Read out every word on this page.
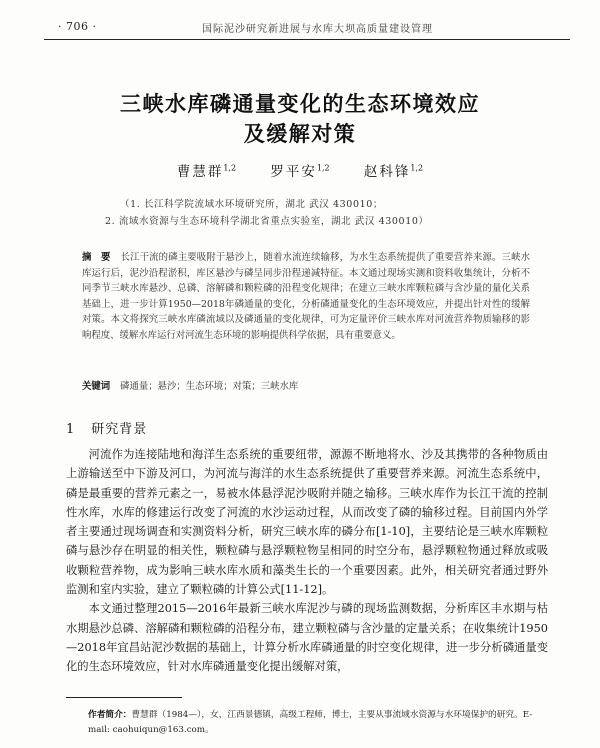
· 706 ·	国际泥沙研究新进展与水库大坝高质量建设管理
三峡水库磷通量变化的生态环境效应
及缓解对策
曹慧群$^{1,2}$	罗平安$^{1,2}$	赵科锋$^{1,2}$
（1. 长江科学院流域水环境研究所，湖北 武汉 430010；
2. 流域水资源与生态环境科学湖北省重点实验室，湖北 武汉 430010）
摘　要 长江干流的磷主要吸附于悬沙上，随着水流连续输移，为水生态系统提供了重要营养来源。三峡水库运行后，泥沙沿程淤积，库区悬沙与磷呈同步沿程递减特征。本文通过现场实测和资料收集统计，分析不同季节三峡水库悬沙、总磷、溶解磷和颗粒磷的沿程变化规律；在建立三峡水库颗粒磷与含沙量的量化关系基础上，进一步计算1950—2018年磷通量的变化，分析磷通量变化的生态环境效应，并提出针对性的缓解对策。本文将探究三峡水库磷流域以及磷通量的变化规律，可为定量评价三峡水库对河流营养物质输移的影响程度、缓解水库运行对河流生态环境的影响提供科学依据，具有重要意义。
关键词 磷通量；悬沙；生态环境；对策；三峡水库
1 研究背景

河流作为连接陆地和海洋生态系统的重要纽带，源源不断地将水、沙及其携带的各种物质由上游输送至中下游及河口，为河流与海洋的水生态系统提供了重要营养来源。河流生态系统中，磷是最重要的营养元素之一，易被水体悬浮泥沙吸附并随之输移。三峡水库作为长江干流的控制性水库，水库的修建运行改变了河流的水沙运动过程，从而改变了磷的输移过程。目前国内外学者主要通过现场调查和实测资料分析，研究三峡水库的磷分布[1-10]，主要结论是三峡水库颗粒磷与悬沙存在明显的相关性，颗粒磷与悬浮颗粒物呈相同的时空分布，悬浮颗粒物通过释放或吸收颗粒营养物，成为影响三峡水库水质和藻类生长的一个重要因素。此外，相关研究者通过野外监测和室内实验，建立了颗粒磷的计算公式[11-12]。

本文通过整理2015—2016年最新三峡水库泥沙与磷的现场监测数据，分析库区丰水期与枯水期悬沙总磷、溶解磷和颗粒磷的沿程分布，建立颗粒磷与含沙量的定量关系；在收集统计1950—2018年宜昌站泥沙数据的基础上，计算分析水库磷通量的时空变化规律，进一步分析磷通量变化的生态环境效应，针对水库磷通量变化提出缓解对策，

作者简介：曹慧群（1984—），女，江西景德镇，高级工程师，博士，主要从事流域水资源与水环境保护的研究。E-mail: caohuiqun@163.com。
